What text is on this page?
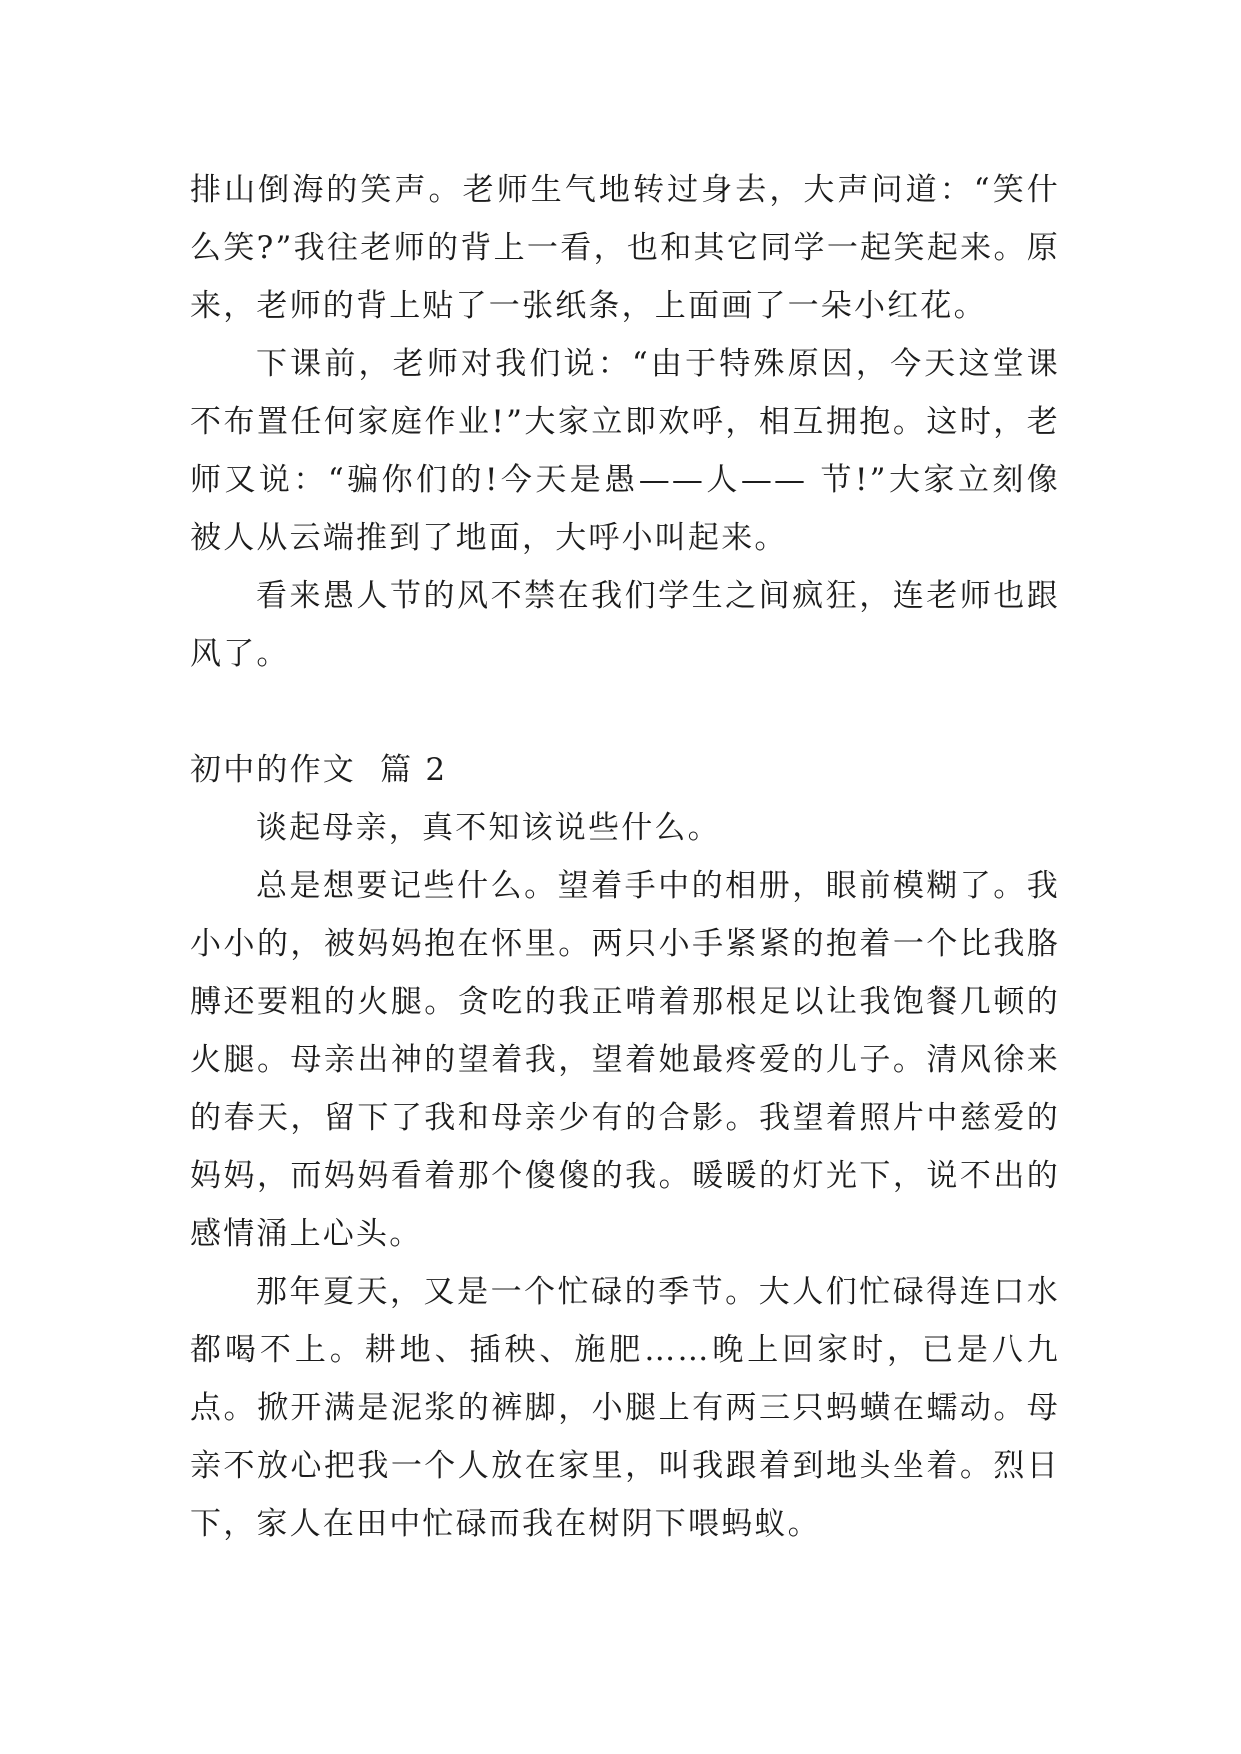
排山倒海的笑声。老师生气地转过身去，大声问道：“笑什么笑?”我往老师的背上一看，也和其它同学一起笑起来。原来，老师的背上贴了一张纸条，上面画了一朵小红花。

下课前，老师对我们说：“由于特殊原因，今天这堂课不布置任何家庭作业!”大家立即欢呼，相互拥抱。这时，老师又说：“骗你们的!今天是愚——人—— 节!”大家立刻像被人从云端推到了地面，大呼小叫起来。

看来愚人节的风不禁在我们学生之间疯狂，连老师也跟风了。

初中的作文  篇 2

谈起母亲，真不知该说些什么。

总是想要记些什么。望着手中的相册，眼前模糊了。我小小的，被妈妈抱在怀里。两只小手紧紧的抱着一个比我胳膊还要粗的火腿。贪吃的我正啃着那根足以让我饱餐几顿的火腿。母亲出神的望着我，望着她最疼爱的儿子。清风徐来的春天，留下了我和母亲少有的合影。我望着照片中慈爱的妈妈，而妈妈看着那个傻傻的我。暖暖的灯光下，说不出的感情涌上心头。

那年夏天，又是一个忙碌的季节。大人们忙碌得连口水都喝不上。耕地、插秧、施肥……晚上回家时，已是八九点。掀开满是泥浆的裤脚，小腿上有两三只蚂蟥在蠕动。母亲不放心把我一个人放在家里，叫我跟着到地头坐着。烈日下，家人在田中忙碌而我在树阴下喂蚂蚁。
